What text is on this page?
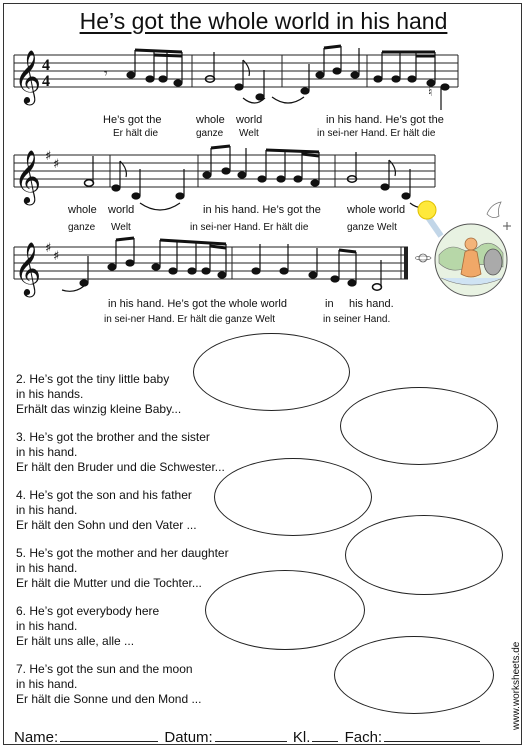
He’s got the whole world in his hand
𝄞
𝄞
𝄞
♯
♯
♯
♯
4
4	𝄾
♮
He’s got the	whole world	in his hand. He’s got the
Er hält die	ganze Welt	in sei-ner Hand. Er hält die
whole world	in his hand. He’s got the whole world
ganze Welt	in sei-ner Hand. Er hält die	ganze Welt
in his hand. He’s got the whole world	in his hand.
in sei-ner Hand. Er hält die ganze Welt	in seiner Hand.
2. He’s got the tiny little baby
in his hands.
Erhält das winzig kleine Baby...
3. He’s got the brother and the sister
in his hand.
Er hält den Bruder und die Schwester...
4. He’s got the son and his father
in his hand.
Er hält den Sohn und den Vater ...
5. He’s got the mother and her daughter
in his hand.
Er hält die Mutter und die Tochter...
6. He’s got everybody here
in his hand.
Er hält uns alle, alle ...
7. He’s got the sun and the moon
in his hand.
Er hält die Sonne und den Mond ...	www.worksheets.de
Name:	Datum:	Kl. Fach:
